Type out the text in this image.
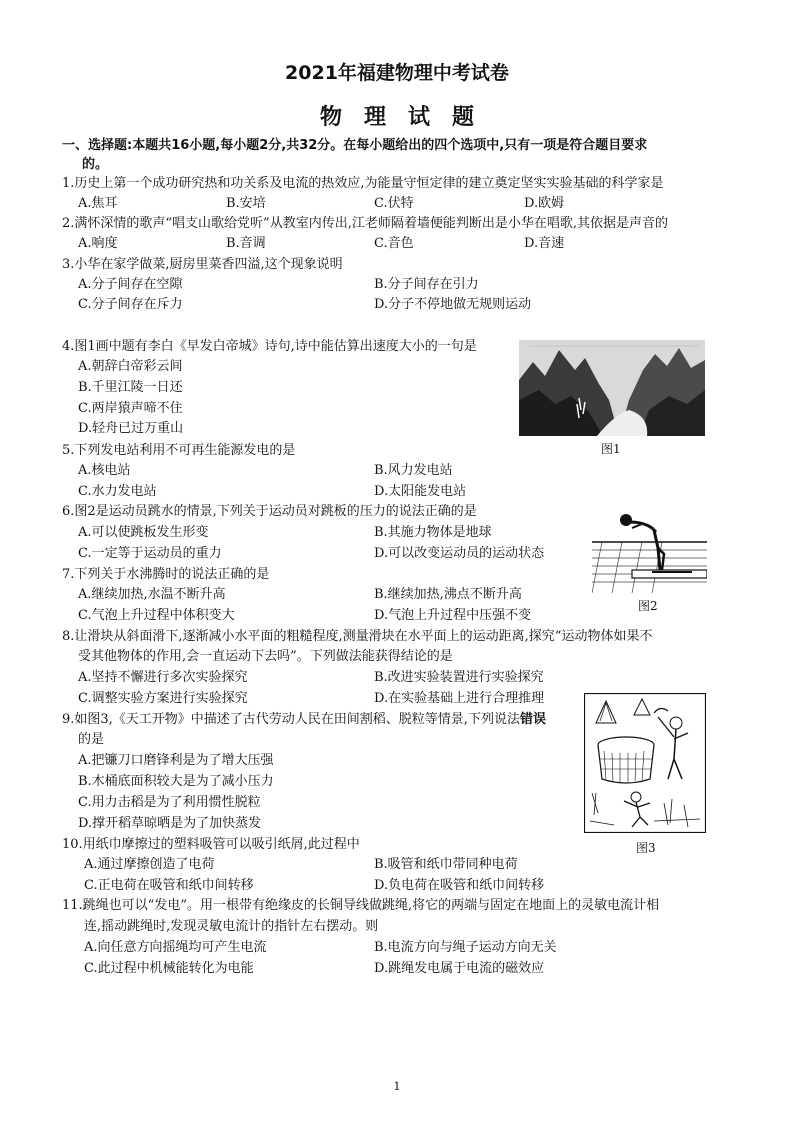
2021年福建物理中考试卷
物理试题
一、选择题:本题共16小题,每小题2分,共32分。在每小题给出的四个选项中,只有一项是符合题目要求
的。
1.历史上第一个成功研究热和功关系及电流的热效应,为能量守恒定律的建立奠定坚实实验基础的科学家是
A.焦耳	B.安培	C.伏特	D.欧姆
2.满怀深情的歌声“唱支山歌给党听”从教室内传出,江老师隔着墙便能判断出是小华在唱歌,其依据是声音的
A.响度	B.音调	C.音色	D.音速
3.小华在家学做菜,厨房里菜香四溢,这个现象说明
A.分子间存在空隙	B.分子间存在引力
C.分子间存在斥力	D.分子不停地做无规则运动
4.图1画中题有李白《早发白帝城》诗句,诗中能估算出速度大小的一句是
A.朝辞白帝彩云间
B.千里江陵一日还
C.两岸猿声啼不住
D.轻舟已过万重山
图1
5.下列发电站利用不可再生能源发电的是
A.核电站	B.风力发电站
C.水力发电站	D.太阳能发电站
6.图2是运动员跳水的情景,下列关于运动员对跳板的压力的说法正确的是
A.可以使跳板发生形变	B.其施力物体是地球
C.一定等于运动员的重力	D.可以改变运动员的运动状态
图2
7.下列关于水沸腾时的说法正确的是
A.继续加热,水温不断升高	B.继续加热,沸点不断升高
C.气泡上升过程中体积变大	D.气泡上升过程中压强不变
8.让滑块从斜面滑下,逐渐减小水平面的粗糙程度,测量滑块在水平面上的运动距离,探究“运动物体如果不
受其他物体的作用,会一直运动下去吗”。下列做法能获得结论的是
A.坚持不懈进行多次实验探究	B.改进实验装置进行实验探究
C.调整实验方案进行实验探究	D.在实验基础上进行合理推理
9.如图3,《天工开物》中描述了古代劳动人民在田间割稻、脱粒等情景,下列说法错误
的是
A.把镰刀口磨锋利是为了增大压强
B.木桶底面积较大是为了减小压力
C.用力击稻是为了利用惯性脱粒
D.撑开稻草晾晒是为了加快蒸发
图3
10.用纸巾摩擦过的塑料吸管可以吸引纸屑,此过程中
A.通过摩擦创造了电荷	B.吸管和纸巾带同种电荷
C.正电荷在吸管和纸巾间转移	D.负电荷在吸管和纸巾间转移
11.跳绳也可以“发电”。用一根带有绝缘皮的长铜导线做跳绳,将它的两端与固定在地面上的灵敏电流计相
连,摇动跳绳时,发现灵敏电流计的指针左右摆动。则
A.向任意方向摇绳均可产生电流	B.电流方向与绳子运动方向无关
C.此过程中机械能转化为电能	D.跳绳发电属于电流的磁效应
1
